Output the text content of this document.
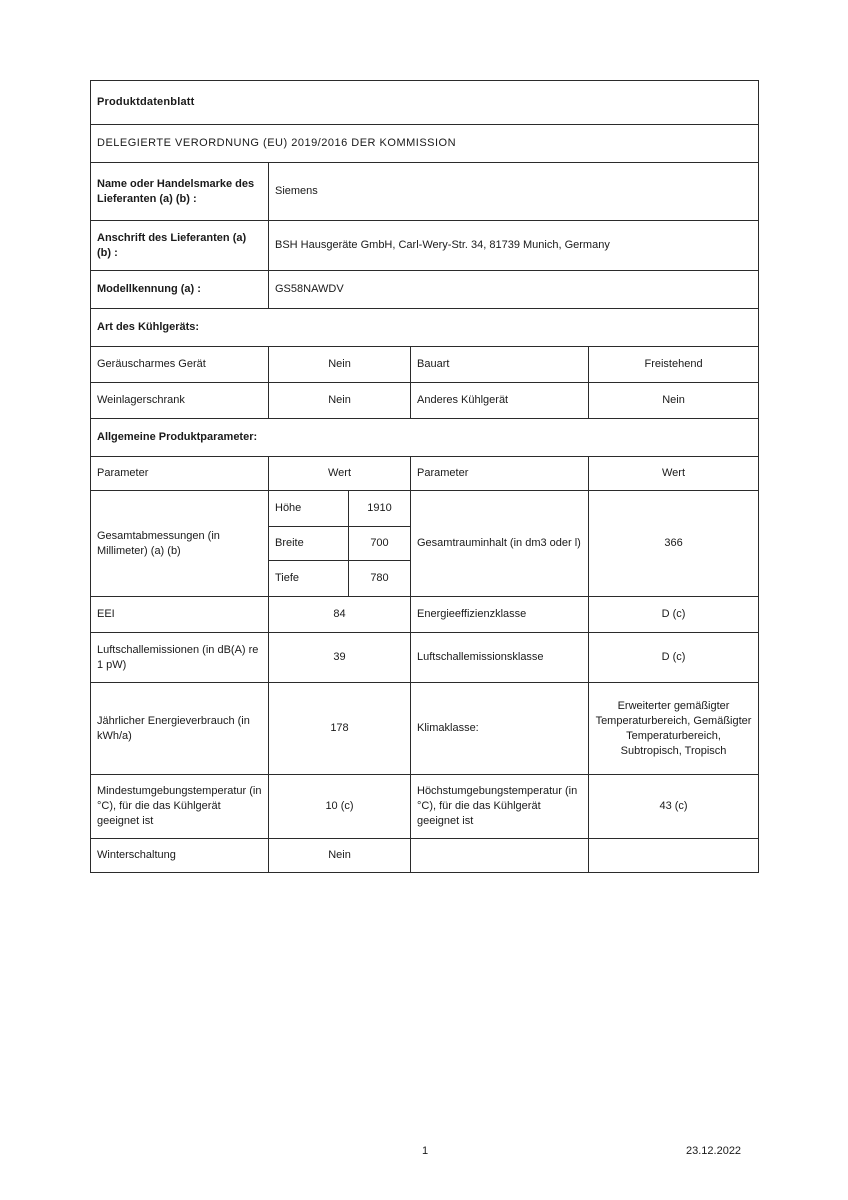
Produktdatenblatt				
DELEGIERTE VERORDNUNG (EU) 2019/2016 DER KOMMISSION				
Name oder Handelsmarke des Lieferanten (a) (b) :	Siemens			
Anschrift des Lieferanten (a) (b) :	BSH Hausgeräte GmbH, Carl-Wery-Str. 34, 81739 Munich, Germany			
Modellkennung (a) :	GS58NAWDV			
Art des Kühlgeräts:				
Geräuscharmes Gerät	Nein		Bauart	Freistehend
Weinlagerschrank	Nein		Anderes Kühlgerät	Nein
Allgemeine Produktparameter:				
Parameter	Wert		Parameter	Wert
Gesamtabmessungen (in Millimeter) (a) (b)	Höhe	1910	Gesamtrauminhalt (in dm3 oder l)	366
	Breite	700		
	Tiefe	780		
EEI	84		Energieeffizienzklasse	D (c)
Luftschallemissionen (in dB(A) re 1 pW)	39		Luftschallemissionsklasse	D (c)
Jährlicher Energieverbrauch (in kWh/a)	178		Klimaklasse:	Erweiterter gemäßigter Temperaturbereich, Gemäßigter Temperaturbereich, Subtropisch, Tropisch
Mindestumgebungstemperatur (in °C), für die das Kühlgerät geeignet ist	10 (c)		Höchstumgebungstemperatur (in °C), für die das Kühlgerät geeignet ist	43 (c)
Winterschaltung	Nein			
1	23.12.2022
